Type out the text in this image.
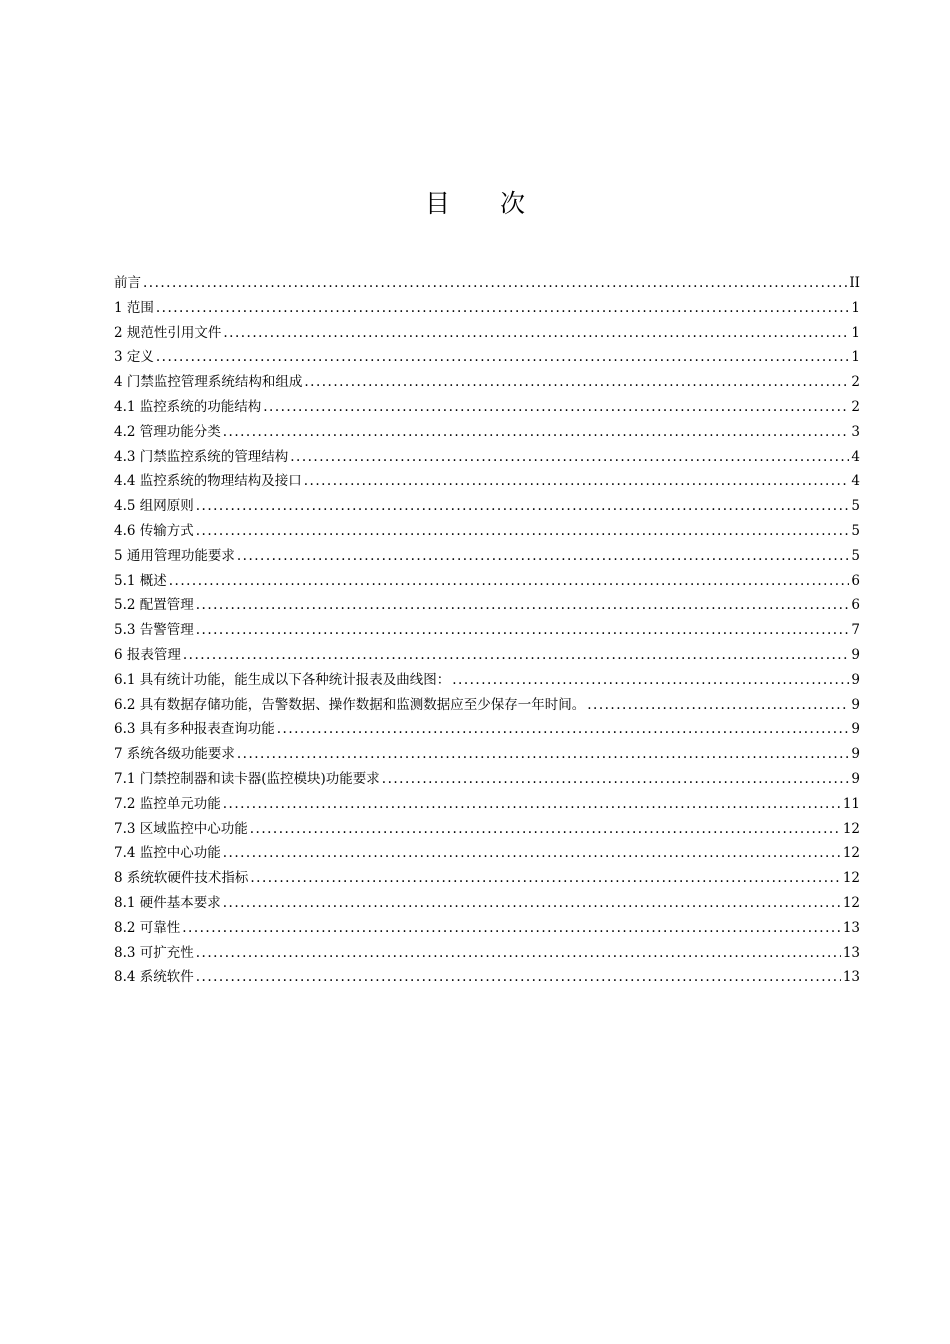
目 次
前言 .....	II
1 范围 .....	1
2 规范性引用文件 .....	1
3 定义 .....	1
4 门禁监控管理系统结构和组成 .....	2
4.1 监控系统的功能结构 .....	2
4.2 管理功能分类 .....	3
4.3 门禁监控系统的管理结构 .....	4
4.4 监控系统的物理结构及接口 .....	4
4.5 组网原则 .....	5
4.6 传输方式 .....	5
5 通用管理功能要求 .....	5
5.1 概述 .....	6
5.2 配置管理 .....	6
5.3 告警管理 .....	7
6 报表管理 .....	9
6.1 具有统计功能，能生成以下各种统计报表及曲线图： .....	9
6.2 具有数据存储功能，告警数据、操作数据和监测数据应至少保存一年时间。 .....	9
6.3 具有多种报表查询功能 .....	9
7 系统各级功能要求 .....	9
7.1 门禁控制器和读卡器(监控模块)功能要求 .....	9
7.2 监控单元功能 .....	11
7.3 区域监控中心功能 .....	12
7.4 监控中心功能 .....	12
8 系统软硬件技术指标 .....	12
8.1 硬件基本要求 .....	12
8.2 可靠性 .....	13
8.3 可扩充性 .....	13
8.4 系统软件 .....	13
